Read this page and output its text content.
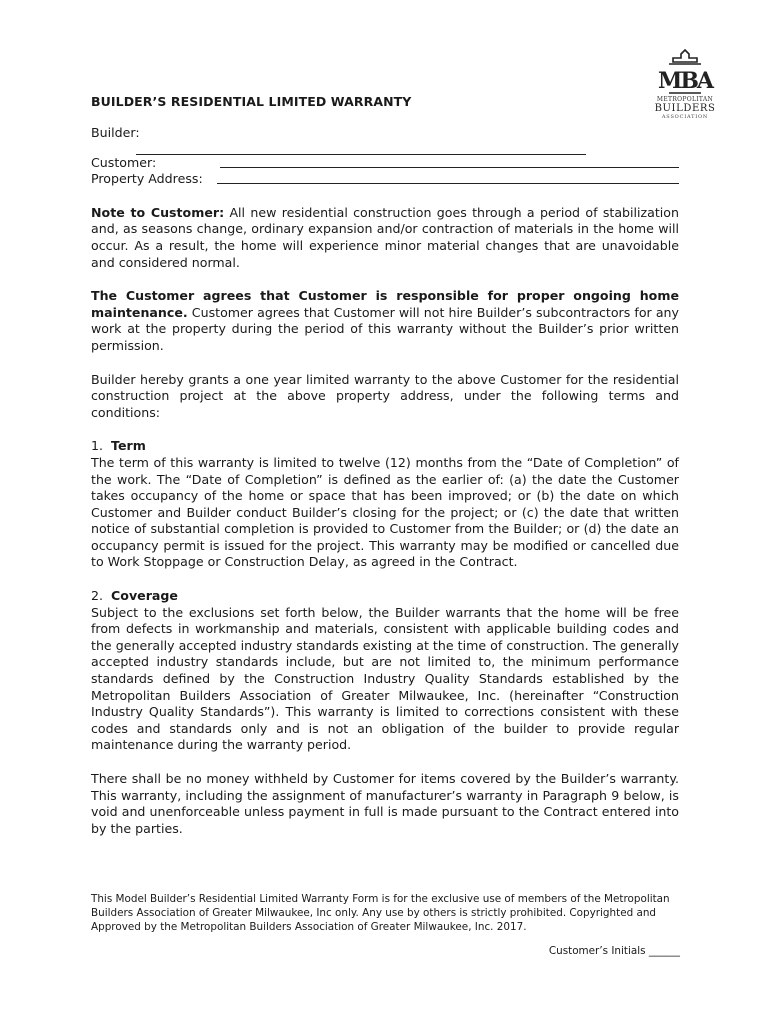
MBA
METROPOLITAN
BUILDERS
ASSOCIATION
BUILDER’S RESIDENTIAL LIMITED WARRANTY
Builder:
Customer:
Property Address:

Note to Customer: All new residential construction goes through a period of stabilization and, as seasons change, ordinary expansion and/or contraction of materials in the home will occur. As a result, the home will experience minor material changes that are unavoidable and considered normal.

The Customer agrees that Customer is responsible for proper ongoing home maintenance. Customer agrees that Customer will not hire Builder’s subcontractors for any work at the property during the period of this warranty without the Builder’s prior written permission.

Builder hereby grants a one year limited warranty to the above Customer for the residential construction project at the above property address, under the following terms and conditions:

1. Term

The term of this warranty is limited to twelve (12) months from the “Date of Completion” of the work. The “Date of Completion” is defined as the earlier of: (a) the date the Customer takes occupancy of the home or space that has been improved; or (b) the date on which Customer and Builder conduct Builder’s closing for the project; or (c) the date that written notice of substantial completion is provided to Customer from the Builder; or (d) the date an occupancy permit is issued for the project. This warranty may be modified or cancelled due to Work Stoppage or Construction Delay, as agreed in the Contract.

2. Coverage

Subject to the exclusions set forth below, the Builder warrants that the home will be free from defects in workmanship and materials, consistent with applicable building codes and the generally accepted industry standards existing at the time of construction. The generally accepted industry standards include, but are not limited to, the minimum performance standards defined by the Construction Industry Quality Standards established by the Metropolitan Builders Association of Greater Milwaukee, Inc. (hereinafter “Construction Industry Quality Standards”). This warranty is limited to corrections consistent with these codes and standards only and is not an obligation of the builder to provide regular maintenance during the warranty period.

There shall be no money withheld by Customer for items covered by the Builder’s warranty. This warranty, including the assignment of manufacturer’s warranty in Paragraph 9 below, is void and unenforceable unless payment in full is made pursuant to the Contract entered into by the parties.

This Model Builder’s Residential Limited Warranty Form is for the exclusive use of members of the Metropolitan Builders Association of Greater Milwaukee, Inc only. Any use by others is strictly prohibited. Copyrighted and Approved by the Metropolitan Builders Association of Greater Milwaukee, Inc. 2017.
Customer’s Initials ______
